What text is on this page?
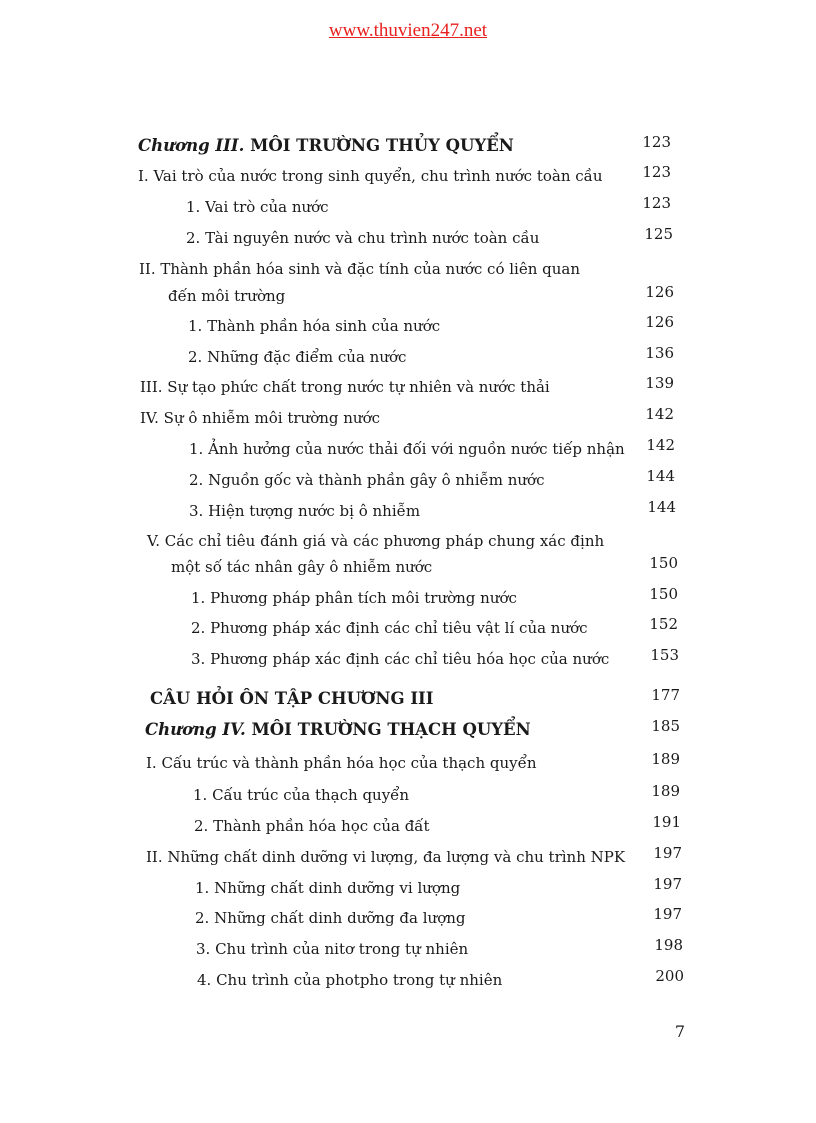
www.thuvien247.net
Chương III. MÔI TRƯỜNG THỦY QUYỂN	123
I. Vai trò của nước trong sinh quyển, chu trình nước toàn cầu	123
1. Vai trò của nước	123
2. Tài nguyên nước và chu trình nước toàn cầu	125
II. Thành phần hóa sinh và đặc tính của nước có liên quan
đến môi trường	126
1. Thành phần hóa sinh của nước	126
2. Những đặc điểm của nước	136
III. Sự tạo phức chất trong nước tự nhiên và nước thải	139
IV. Sự ô nhiễm môi trường nước	142
1. Ảnh hưởng của nước thải đối với nguồn nước tiếp nhận	142
2. Nguồn gốc và thành phần gây ô nhiễm nước	144
3. Hiện tượng nước bị ô nhiễm	144
V. Các chỉ tiêu đánh giá và các phương pháp chung xác định
một số tác nhân gây ô nhiễm nước	150
1. Phương pháp phân tích môi trường nước	150
2. Phương pháp xác định các chỉ tiêu vật lí của nước	152
3. Phương pháp xác định các chỉ tiêu hóa học của nước	153
CÂU HỎI ÔN TẬP CHƯƠNG III	177
Chương IV. MÔI TRƯỜNG THẠCH QUYỂN	185
I. Cấu trúc và thành phần hóa học của thạch quyển	189
1. Cấu trúc của thạch quyển	189
2. Thành phần hóa học của đất	191
II. Những chất dinh dưỡng vi lượng, đa lượng và chu trình NPK	197
1. Những chất dinh dưỡng vi lượng	197
2. Những chất dinh dưỡng đa lượng	197
3. Chu trình của nitơ trong tự nhiên	198
4. Chu trình của photpho trong tự nhiên	200
7
